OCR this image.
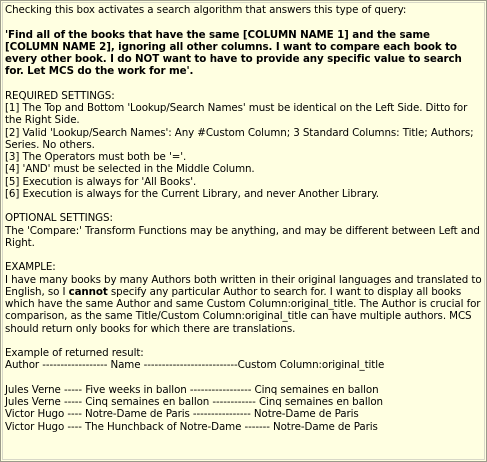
Checking this box activates a search algorithm that answers this type of query:

'Find all of the books that have the same [COLUMN NAME 1] and the same [COLUMN NAME 2], ignoring all other columns. I want to compare each book to every other book. I do NOT want to have to provide any specific value to search for. Let MCS do the work for me'.

REQUIRED SETTINGS:

[1] The Top and Bottom 'Lookup/Search Names' must be identical on the Left Side. Ditto for the Right Side.

[2] Valid 'Lookup/Search Names': Any #Custom Column; 3 Standard Columns: Title; Authors; Series. No others.

[3] The Operators must both be '='.

[4] 'AND' must be selected in the Middle Column.

[5] Execution is always for 'All Books'.

[6] Execution is always for the Current Library, and never Another Library.

OPTIONAL SETTINGS:

The 'Compare:' Transform Functions may be anything, and may be different between Left and Right.

EXAMPLE:

I have many books by many Authors both written in their original languages and translated to English, so I cannot specify any particular Author to search for. I want to display all books which have the same Author and same Custom Column:original_title. The Author is crucial for comparison, as the same Title/Custom Column:original_title can have multiple authors. MCS should return only books for which there are translations.

Example of returned result:

Author ------------------ Name --------------------------Custom Column:original_title

Jules Verne ----- Five weeks in ballon ----------------- Cinq semaines en ballon

Jules Verne ----- Cinq semaines en ballon ------------ Cinq semaines en ballon

Victor Hugo ---- Notre-Dame de Paris ---------------- Notre-Dame de Paris

Victor Hugo ---- The Hunchback of Notre-Dame ------- Notre-Dame de Paris
